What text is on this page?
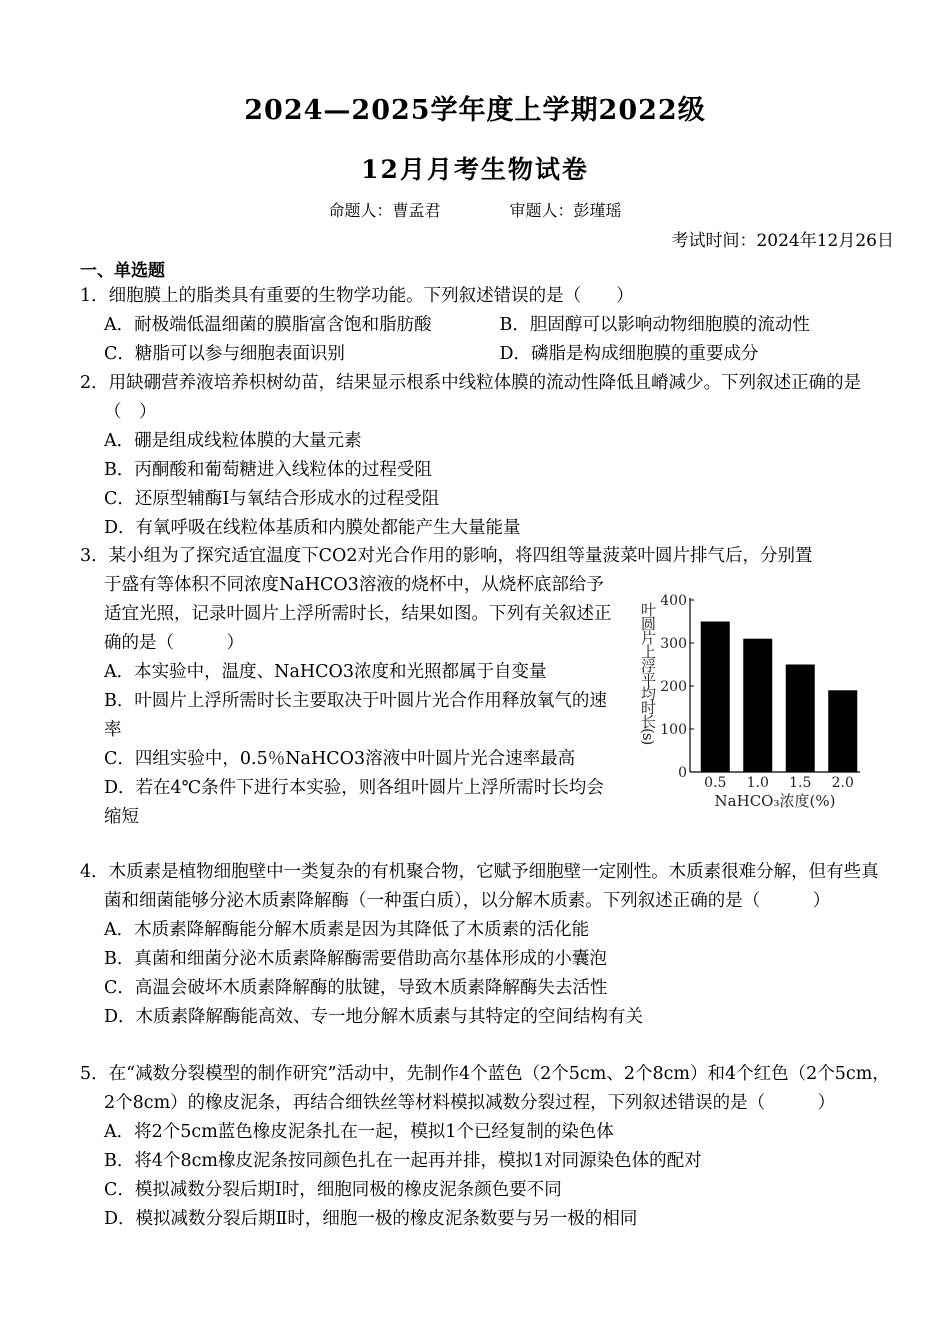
2024—2025学年度上学期2022级
12月月考生物试卷
命题人：曹孟君	审题人：彭瑾瑶
考试时间：2024年12月26日
一、单选题
1．细胞膜上的脂类具有重要的生物学功能。下列叙述错误的是（　　）
A．耐极端低温细菌的膜脂富含饱和脂肪酸	B．胆固醇可以影响动物细胞膜的流动性
C．糖脂可以参与细胞表面识别	D．磷脂是构成细胞膜的重要成分
2．用缺硼营养液培养枳树幼苗，结果显示根系中线粒体膜的流动性降低且嵴减少。下列叙述正确的是（　）
A．硼是组成线粒体膜的大量元素
B．丙酮酸和葡萄糖进入线粒体的过程受阻
C．还原型辅酶Ⅰ与氧结合形成水的过程受阻
D．有氧呼吸在线粒体基质和内膜处都能产生大量能量
3．某小组为了探究适宜温度下CO2对光合作用的影响，将四组等量菠菜叶圆片排气后，分别置
于盛有等体积不同浓度NaHCO3溶液的烧杯中，从烧杯底部给予适宜光照，记录叶圆片上浮所需时长，结果如图。下列有关叙述正确的是（　　　）
A．本实验中，温度、NaHCO3浓度和光照都属于自变量
B．叶圆片上浮所需时长主要取决于叶圆片光合作用释放氧气的速率
C．四组实验中，0.5％NaHCO3溶液中叶圆片光合速率最高
D．若在4℃条件下进行本实验，则各组叶圆片上浮所需时长均会缩短
0
100
200
300
400
0.5 1.0 1.5 2.0
NaHCO₃浓度(%)
叶圆片上浮平均时长(s)
4．木质素是植物细胞壁中一类复杂的有机聚合物，它赋予细胞壁一定刚性。木质素很难分解，但有些真菌和细菌能够分泌木质素降解酶（一种蛋白质），以分解木质素。下列叙述正确的是（　　　）
A．木质素降解酶能分解木质素是因为其降低了木质素的活化能
B．真菌和细菌分泌木质素降解酶需要借助高尔基体形成的小囊泡
C．高温会破坏木质素降解酶的肽键，导致木质素降解酶失去活性
D．木质素降解酶能高效、专一地分解木质素与其特定的空间结构有关
5．在“减数分裂模型的制作研究”活动中，先制作4个蓝色（2个5cm、2个8cm）和4个红色（2个5cm，2个8cm）的橡皮泥条，再结合细铁丝等材料模拟减数分裂过程，下列叙述错误的是（　　　）
A．将2个5cm蓝色橡皮泥条扎在一起，模拟1个已经复制的染色体
B．将4个8cm橡皮泥条按同颜色扎在一起再并排，模拟1对同源染色体的配对
C．模拟减数分裂后期Ⅰ时，细胞同极的橡皮泥条颜色要不同
D．模拟减数分裂后期Ⅱ时，细胞一极的橡皮泥条数要与另一极的相同
